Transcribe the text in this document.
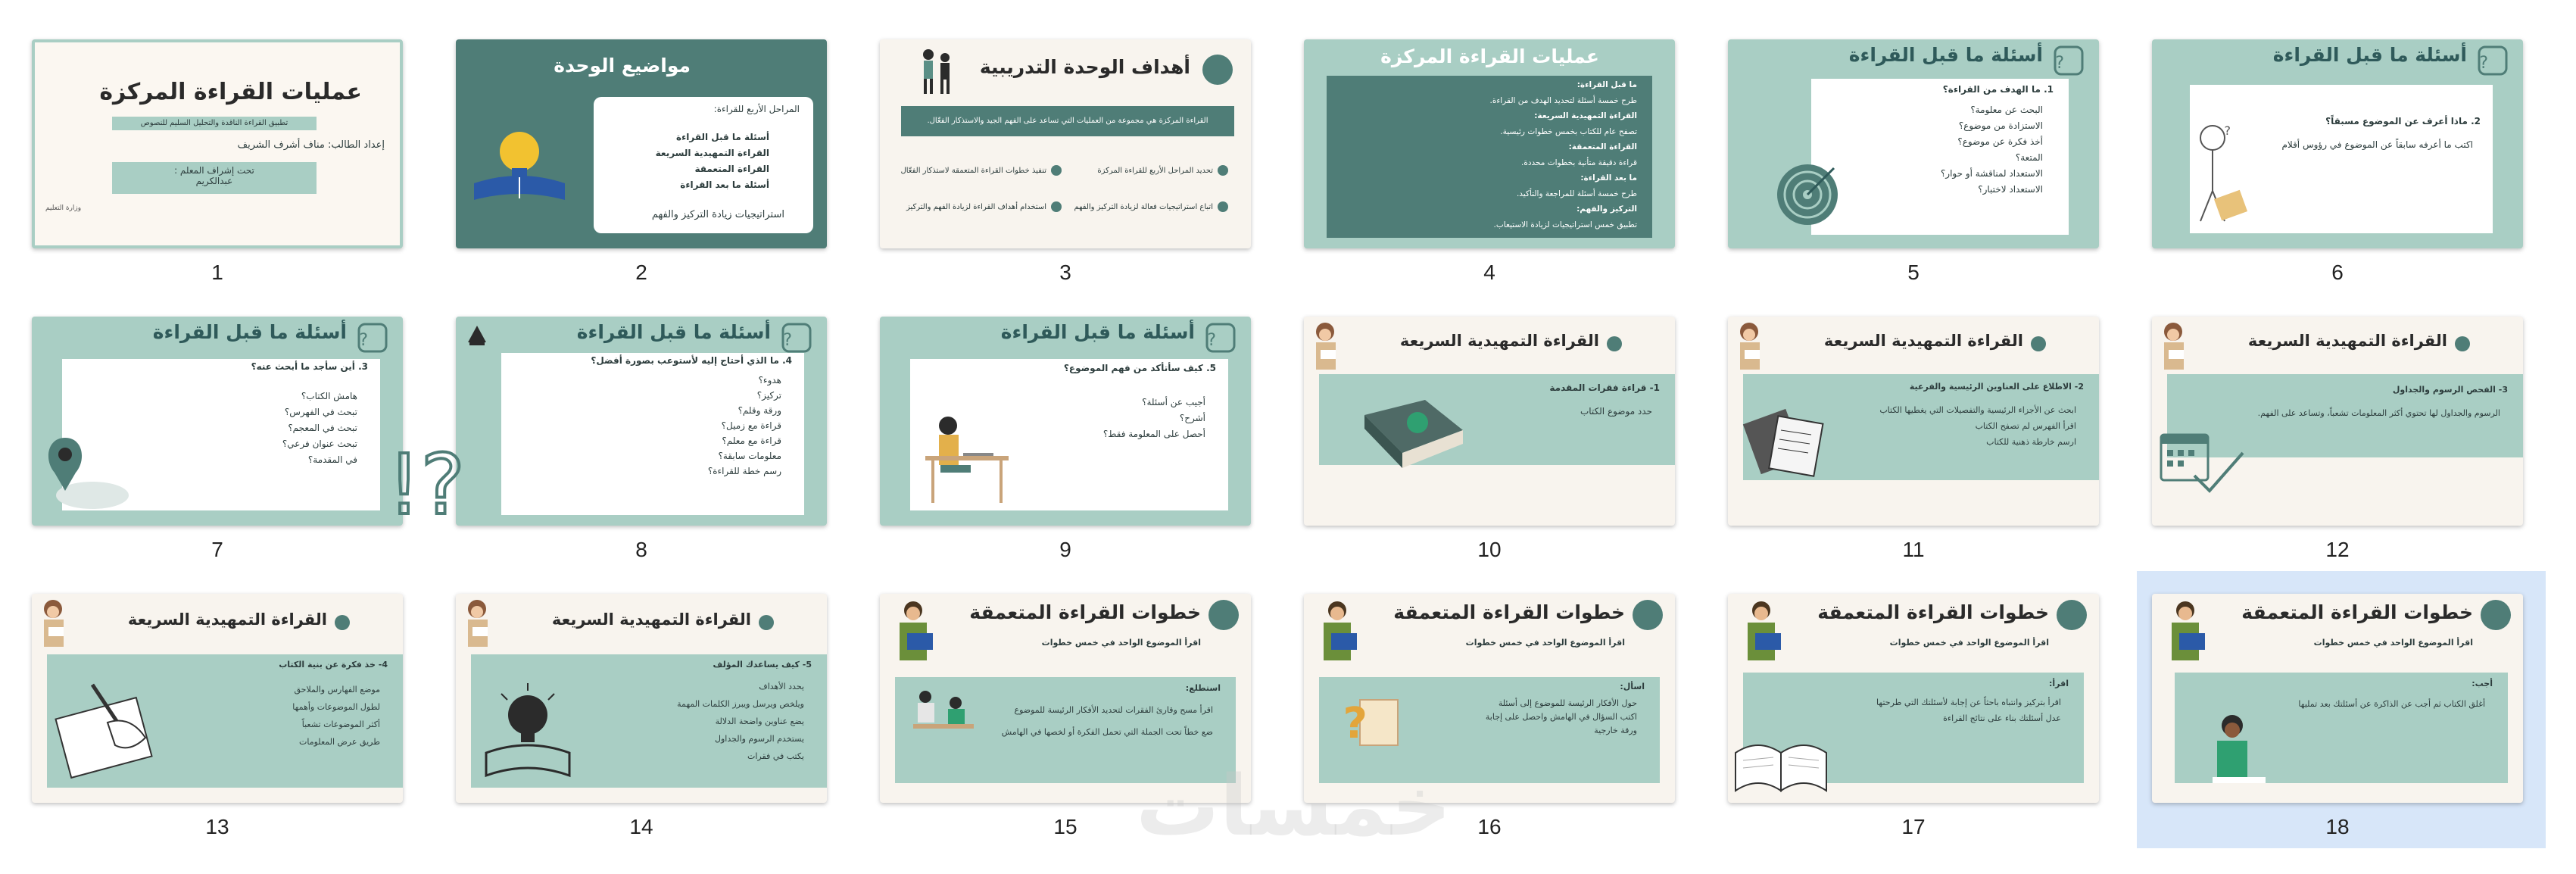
عمليات القراءة المركزة
تطبيق القراءة الناقدة والتحليل السليم للنصوص
إعداد الطالب: مناف أشرف الشريف
تحت إشراف المعلم :
عبدالكريم
وزارة التعليم
1
مواضيع الوحدة
المراحل الأربع للقراءة:
أسئلة ما قبل القراءة
القراءة التمهيدية السريعة
القراءة المتعمقة
أسئلة ما بعد القراءة
استراتيجيات زيادة التركيز والفهم
2
أهداف الوحدة التدريبية
القراءة المركزة هي مجموعة من العمليات التي تساعد على الفهم الجيد والاستذكار الفعّال.
تحديد المراحل الأربع للقراءة المركزة
اتباع استراتيجيات فعالة لزيادة التركيز والفهم
تنفيذ خطوات القراءة المتعمقة لاستذكار الفعّال
استخدام أهداف القراءة لزيادة الفهم والتركيز
3
عمليات القراءة المركزة
ما قبل القراءة:
طرح خمسة أسئلة لتحديد الهدف من القراءة.
القراءة التمهيدية السريعة:
تصفح عام للكتاب بخمس خطوات رئيسية.
القراءة المتعمقة:
قراءة دقيقة متأنية بخطوات محددة.
ما بعد القراءة:
طرح خمسة أسئلة للمراجعة والتأكيد.
التركيز والفهم:
تطبيق خمس استراتيجيات لزيادة الاستيعاب.
4
?
أسئلة ما قبل القراءة
1. ما الهدف من القراءة؟
البحث عن معلومة؟
الاستزادة من موضوع؟
أخذ فكرة عن موضوع؟
المتعة؟
الاستعداد لمناقشة أو حوار؟
الاستعداد لاختبار؟
5
?
أسئلة ما قبل القراءة
2. ماذا أعرف عن الموضوع مسبقاً؟
اكتب ما أعرفه سابقاً عن الموضوع في رؤوس أقلام
?
6
?
أسئلة ما قبل القراءة
3. أين سأجد ما أبحث عنه؟
هامش الكتاب؟
تبحث في الفهرس؟
تبحث في المعجم؟
تبحث عنوان فرعي؟
في المقدمة؟
7
?
أسئلة ما قبل القراءة
4. ما الذي أحتاج إليه لأستوعب بصورة أفضل؟
هدوء؟
تركيز؟
ورقة وقلم؟
قراءة مع زميل؟
قراءة مع معلم؟
معلومات سابقة؟
رسم خطة للقراءة؟
?!
8
?
أسئلة ما قبل القراءة
5. كيف سأتأكد من فهم الموضوع؟
أجيب عن أسئلة؟
أشرح؟
أحصل على المعلومة فقط؟
9
القراءة التمهيدية السريعة
1- قراءة فقرات المقدمة
حدد موضوع الكتاب
10
القراءة التمهيدية السريعة
2- الاطلاع على العناوين الرئيسية والفرعية
ابحث عن الأجزاء الرئيسية والتفصيلات التي يغطيها الكتاب
اقرأ الفهرس لم تصفح الكتاب
ارسم خارطة ذهنية للكتاب
11
القراءة التمهيدية السريعة
3- الفحص الرسوم والجداول
الرسوم والجداول لها تحتوي أكثر المعلومات تشعباً، وتساعد على الفهم.
12
القراءة التمهيدية السريعة
4- خذ فكرة عن بنية الكتاب
موضع الفهارس والملاحق
لطول الموضوعات وأهمها
أكثر الموضوعات تشعباً
طريق عرض المعلومات
13
القراءة التمهيدية السريعة
5- كيف يساعدك المؤلف
يحدد الأهداف
ويلخص ويرسل ويبرز الكلمات المهمة
يضع عناوين واضحة الدلالة
يستخدم الرسوم والجداول
يكتب في فقرات
14
خطوات القراءة المتعمقة
اقرأ الموضوع الواحد في خمس خطوات
استطلع:
اقرأ مسح وقارئ الفقرات لتحديد الأفكار الرئيسة للموضوع
ضع خطاً تحت الجملة التي تحمل الفكرة أو لخصها في الهامش
15
خطوات القراءة المتعمقة
اقرأ الموضوع الواحد في خمس خطوات
اسأل:
حول الأفكار الرئيسة للموضوع إلى أسئلة
اكتب السؤال في الهامش واحصل على إجابة
ورقة خارجية
?
16
خطوات القراءة المتعمقة
اقرأ الموضوع الواحد في خمس خطوات
اقرأ:
اقرأ بتركيز وانتباه باحثاً عن إجابة لأسئلتك التي طرحتها
عدل أسئلتك بناء على نتائج القراءة
17
خطوات القراءة المتعمقة
اقرأ الموضوع الواحد في خمس خطوات
أجب:
أغلق الكتاب ثم أجب عن الذاكرة عن أسئلتك بعد تمليها
18
خمسات
